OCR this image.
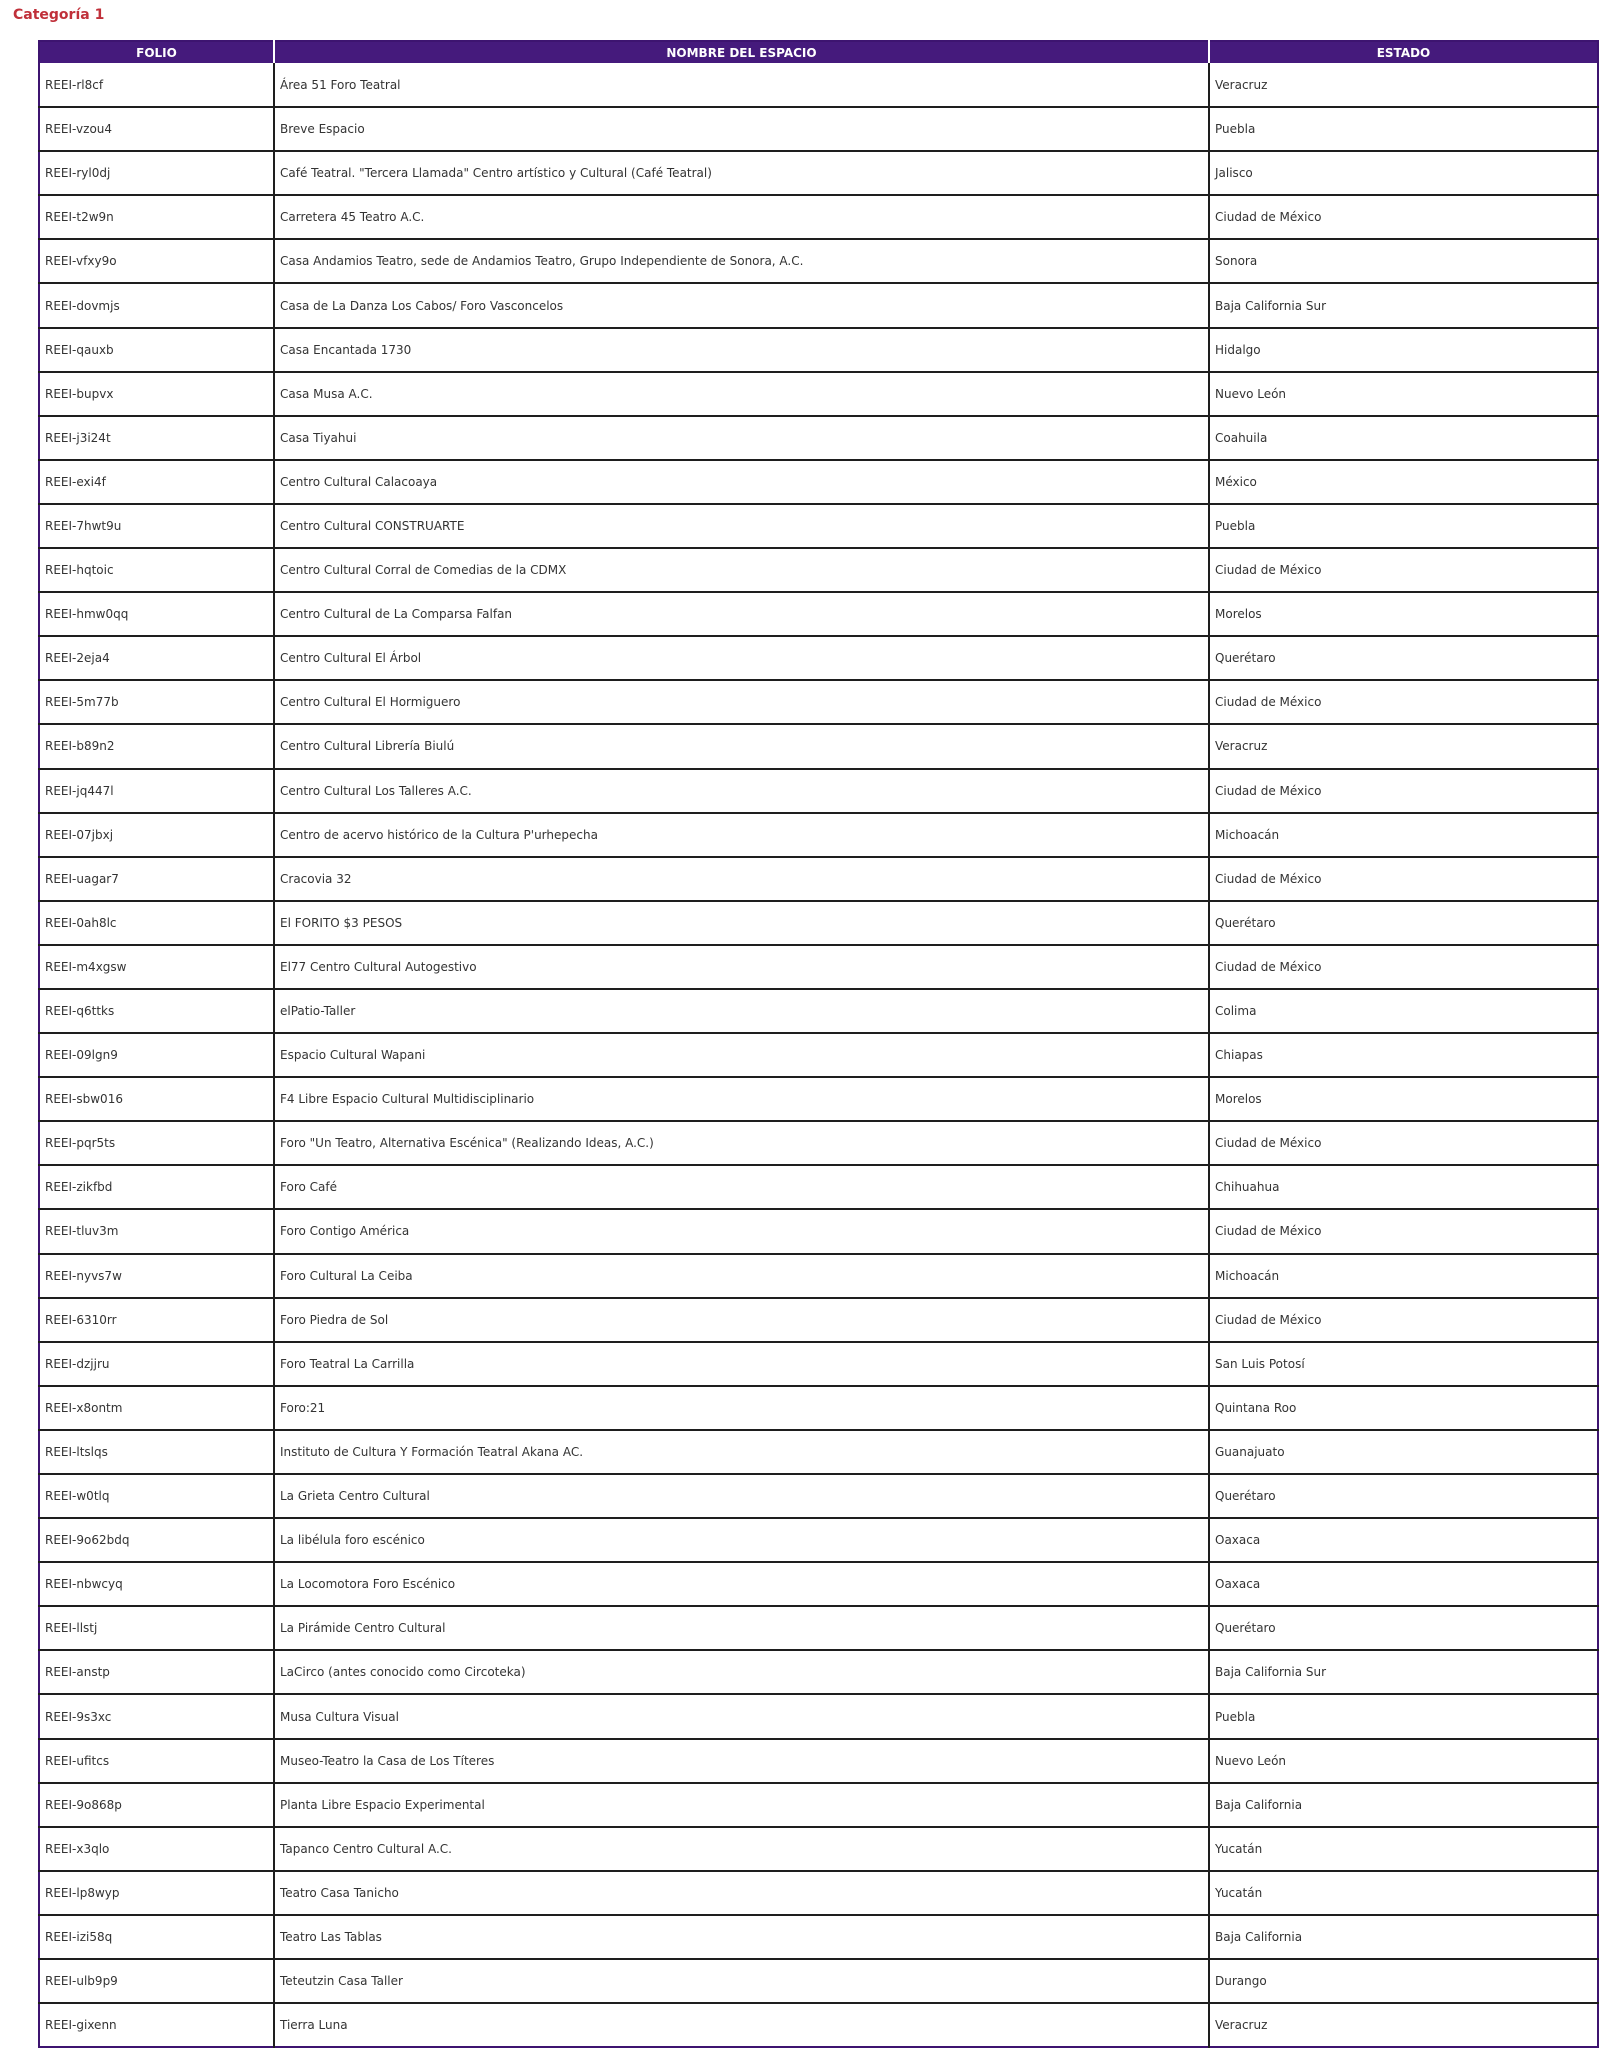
Categoría 1
FOLIO	NOMBRE DEL ESPACIO	ESTADO
REEI-rl8cf	Área 51 Foro Teatral	Veracruz
REEI-vzou4	Breve Espacio	Puebla
REEI-ryl0dj	Café Teatral. "Tercera Llamada" Centro artístico y Cultural (Café Teatral)	Jalisco
REEI-t2w9n	Carretera 45 Teatro A.C.	Ciudad de México
REEI-vfxy9o	Casa Andamios Teatro, sede de Andamios Teatro, Grupo Independiente de Sonora, A.C.	Sonora
REEI-dovmjs	Casa de La Danza Los Cabos/ Foro Vasconcelos	Baja California Sur
REEI-qauxb	Casa Encantada 1730	Hidalgo
REEI-bupvx	Casa Musa A.C.	Nuevo León
REEI-j3i24t	Casa Tiyahui	Coahuila
REEI-exi4f	Centro Cultural Calacoaya	México
REEI-7hwt9u	Centro Cultural CONSTRUARTE	Puebla
REEI-hqtoic	Centro Cultural Corral de Comedias de la CDMX	Ciudad de México
REEI-hmw0qq	Centro Cultural de La Comparsa Falfan	Morelos
REEI-2eja4	Centro Cultural El Árbol	Querétaro
REEI-5m77b	Centro Cultural El Hormiguero	Ciudad de México
REEI-b89n2	Centro Cultural Librería Biulú	Veracruz
REEI-jq447l	Centro Cultural Los Talleres A.C.	Ciudad de México
REEI-07jbxj	Centro de acervo histórico de la Cultura P'urhepecha	Michoacán
REEI-uagar7	Cracovia 32	Ciudad de México
REEI-0ah8lc	El FORITO $3 PESOS	Querétaro
REEI-m4xgsw	El77 Centro Cultural Autogestivo	Ciudad de México
REEI-q6ttks	elPatio-Taller	Colima
REEI-09lgn9	Espacio Cultural Wapani	Chiapas
REEI-sbw016	F4 Libre Espacio Cultural Multidisciplinario	Morelos
REEI-pqr5ts	Foro "Un Teatro, Alternativa Escénica" (Realizando Ideas, A.C.)	Ciudad de México
REEI-zikfbd	Foro Café	Chihuahua
REEI-tluv3m	Foro Contigo América	Ciudad de México
REEI-nyvs7w	Foro Cultural La Ceiba	Michoacán
REEI-6310rr	Foro Piedra de Sol	Ciudad de México
REEI-dzjjru	Foro Teatral La Carrilla	San Luis Potosí
REEI-x8ontm	Foro:21	Quintana Roo
REEI-ltslqs	Instituto de Cultura Y Formación Teatral Akana AC.	Guanajuato
REEI-w0tlq	La Grieta Centro Cultural	Querétaro
REEI-9o62bdq	La libélula foro escénico	Oaxaca
REEI-nbwcyq	La Locomotora Foro Escénico	Oaxaca
REEI-llstj	La Pirámide Centro Cultural	Querétaro
REEI-anstp	LaCirco (antes conocido como Circoteka)	Baja California Sur
REEI-9s3xc	Musa Cultura Visual	Puebla
REEI-ufitcs	Museo-Teatro la Casa de Los Títeres	Nuevo León
REEI-9o868p	Planta Libre Espacio Experimental	Baja California
REEI-x3qlo	Tapanco Centro Cultural A.C.	Yucatán
REEI-lp8wyp	Teatro Casa Tanicho	Yucatán
REEI-izi58q	Teatro Las Tablas	Baja California
REEI-ulb9p9	Teteutzin Casa Taller	Durango
REEI-gixenn	Tierra Luna	Veracruz
